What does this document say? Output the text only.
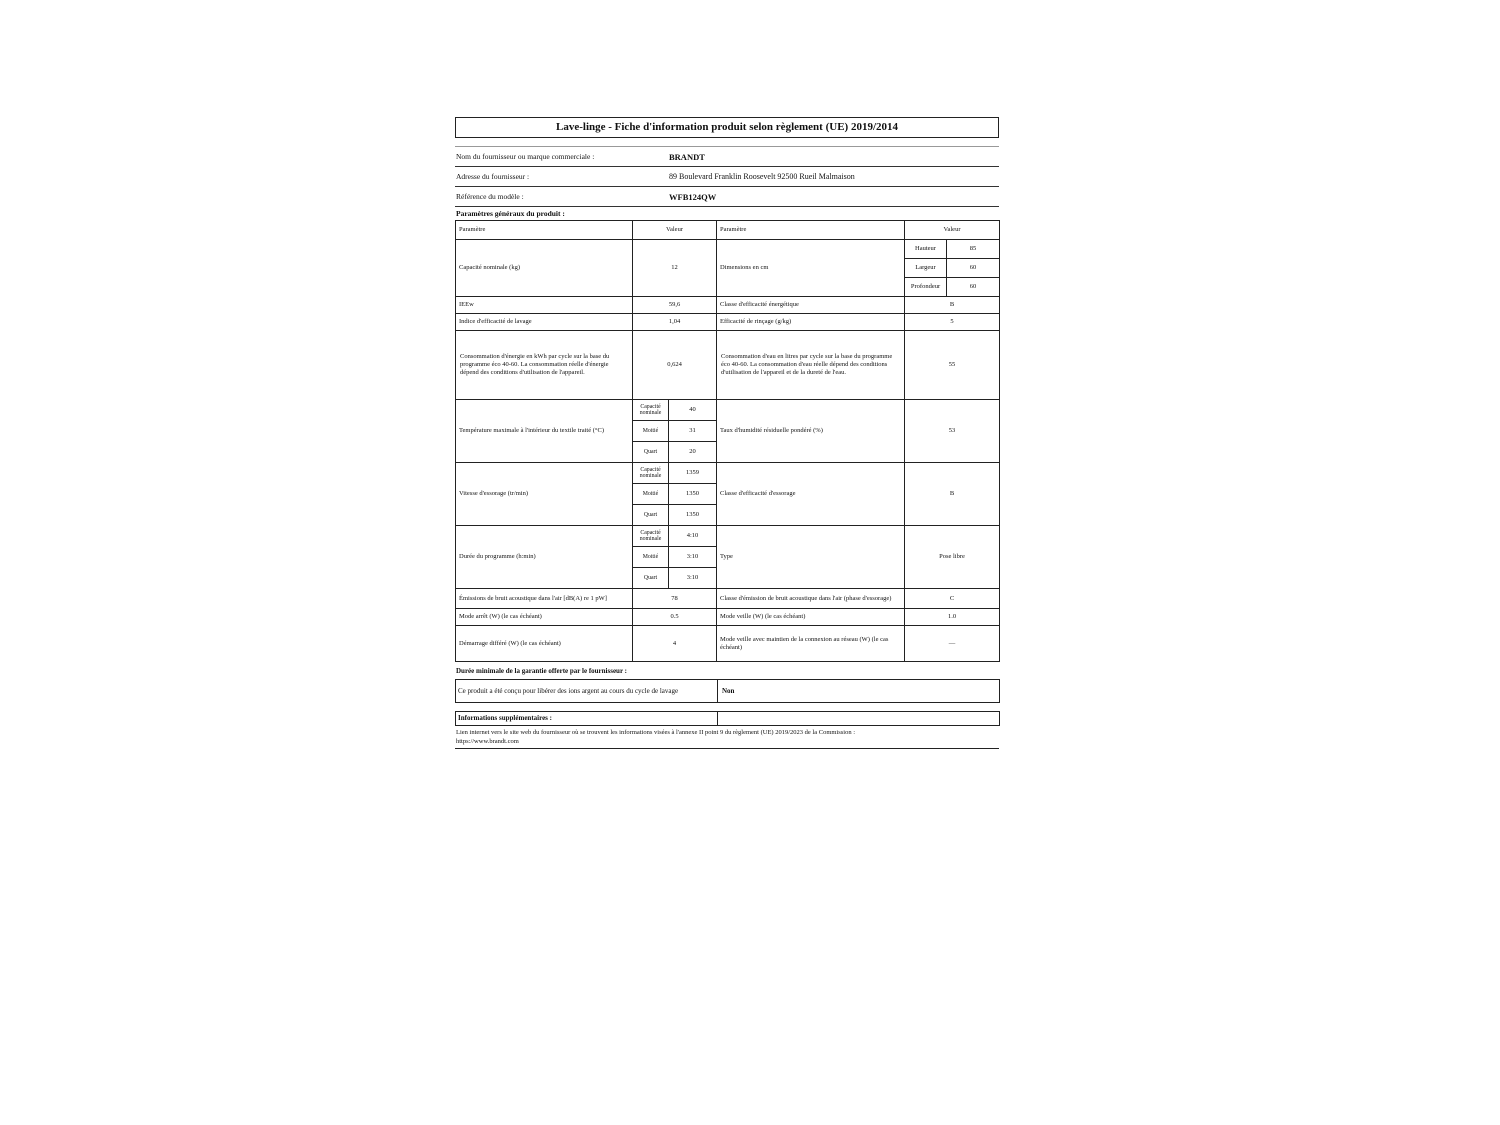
Lave-linge - Fiche d'information produit selon règlement (UE) 2019/2014
Nom du fournisseur ou marque commerciale :	BRANDT
Adresse du fournisseur :	89 Boulevard Franklin Roosevelt 92500 Rueil Malmaison
Référence du modèle :	WFB124QW
Paramètres généraux du produit :
Paramètre	Valeur		Paramètre	Valeur	
Capacité nominale (kg)	12		Dimensions en cm	Hauteur	85
				Largeur	60
				Profondeur	60
IEEw	59,6		Classe d'efficacité énergétique	B	
Indice d'efficacité de lavage	1,04		Efficacité de rinçage (g/kg)	5	
Consommation d'énergie en kWh par cycle sur la base du programme éco 40-60. La consommation réelle d'énergie dépend des conditions d'utilisation de l'appareil.	0,624		Consommation d'eau en litres par cycle sur la base du programme éco 40-60. La consommation d'eau réelle dépend des conditions d'utilisation de l'appareil et de la dureté de l'eau.	55	
Température maximale à l'intérieur du textile traité (°C)	Capacité nominale	40	Taux d'humidité résiduelle pondéré (%)	53	
	Moitié	31			
	Quart	20			
Vitesse d'essorage (tr/min)	Capacité nominale	1359	Classe d'efficacité d'essorage	B	
	Moitié	1350			
	Quart	1350			
Durée du programme (h:min)	Capacité nominale	4:10	Type	Pose libre	
	Moitié	3:10			
	Quart	3:10			
Émissions de bruit acoustique dans l'air [dB(A) re 1 pW]	78		Classe d'émission de bruit acoustique dans l'air (phase d'essorage)	C	
Mode arrêt (W) (le cas échéant)	0.5		Mode veille (W) (le cas échéant)	1.0	
Démarrage différé (W) (le cas échéant)	4		Mode veille avec maintien de la connexion au réseau (W) (le cas échéant)	—	
Durée minimale de la garantie offerte par le fournisseur :
Ce produit a été conçu pour libérer des ions argent au cours du cycle de lavage	Non
Informations supplémentaires :	
Lien internet vers le site web du fournisseur où se trouvent les informations visées à l'annexe II point 9 du règlement (UE) 2019/2023 de la Commission :
https://www.brandt.com
